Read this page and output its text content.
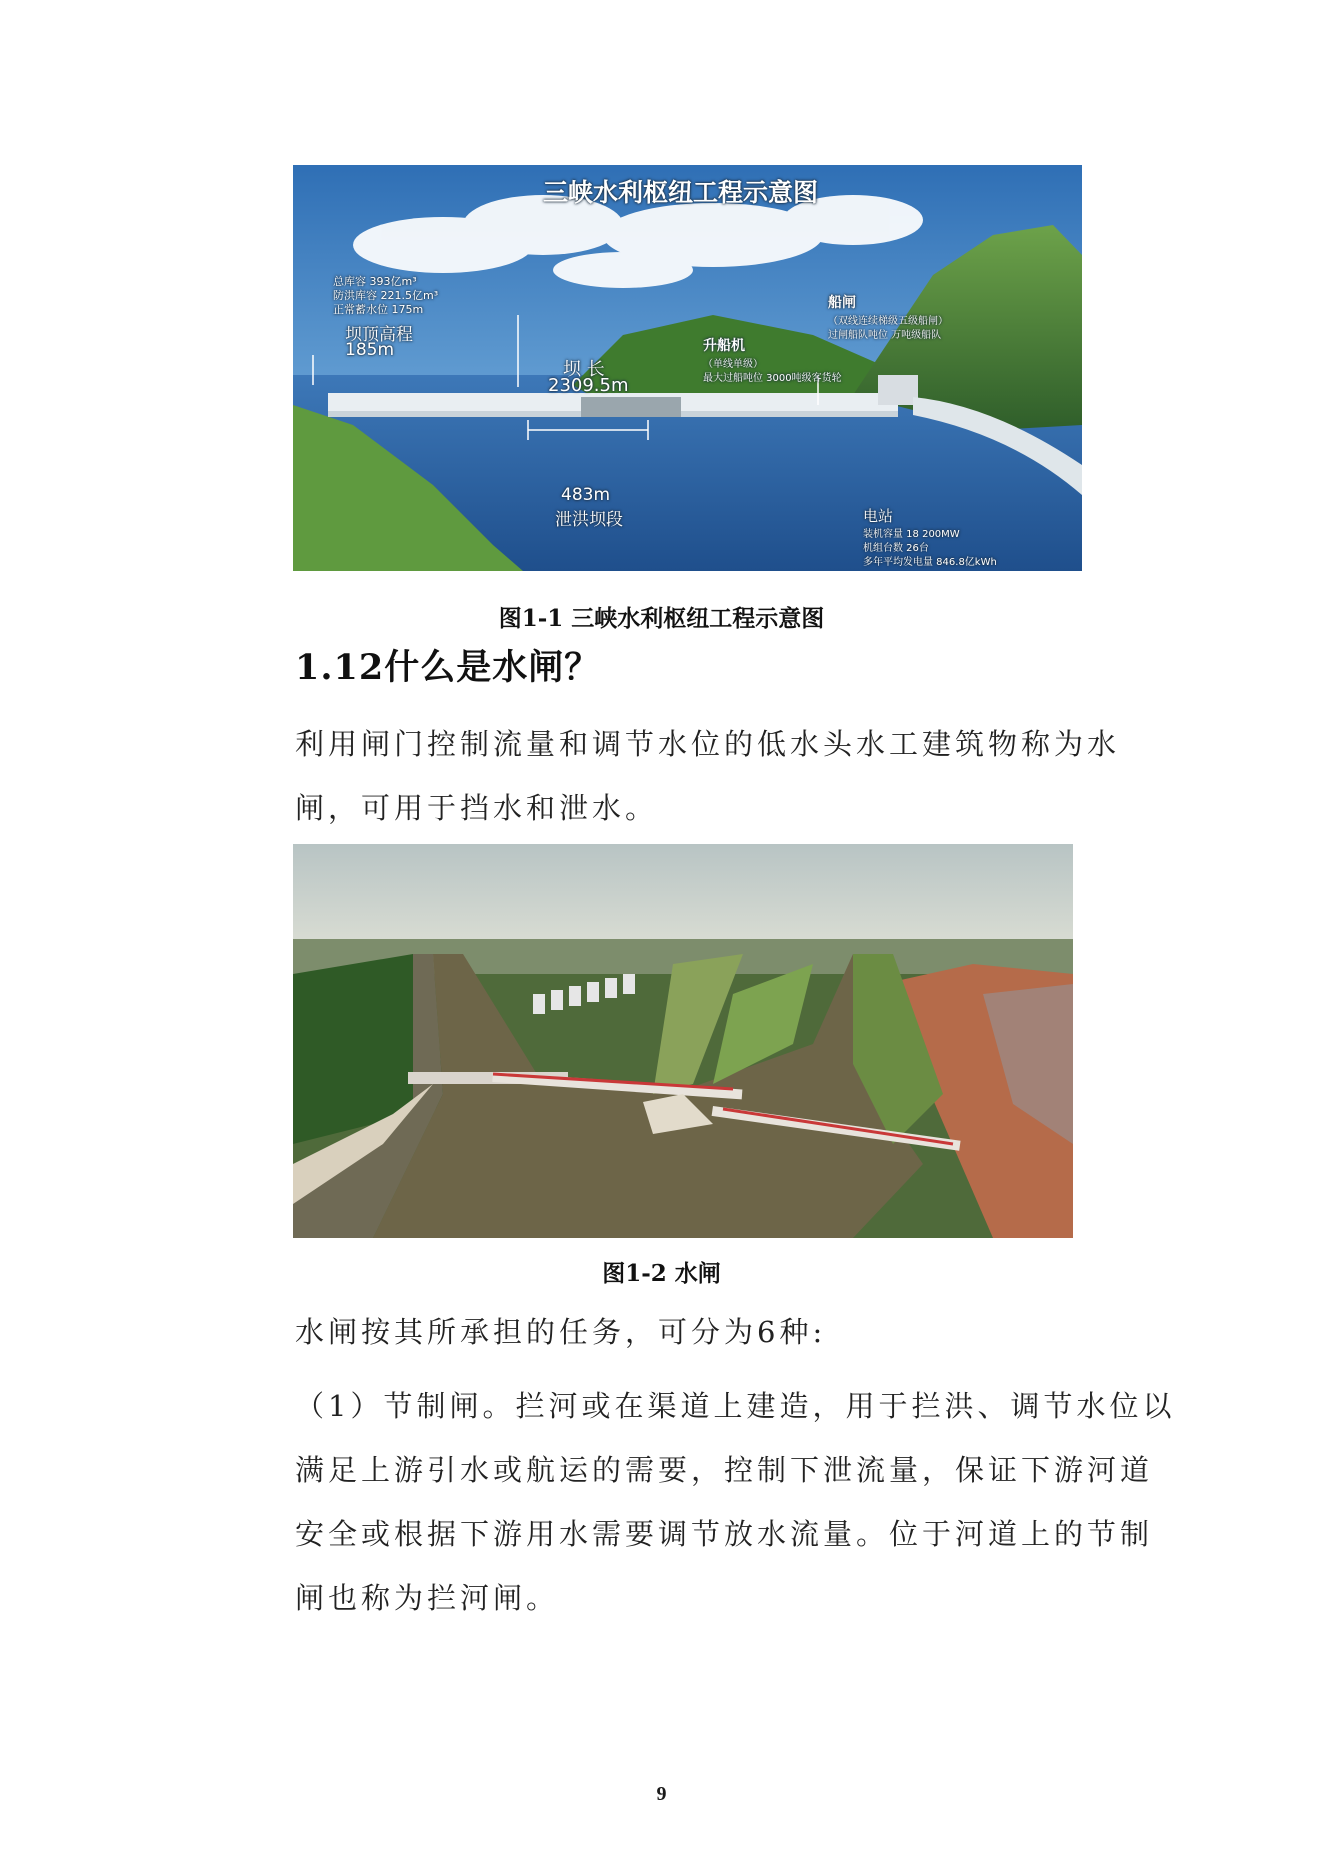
三峡水利枢纽工程示意图
总库容 393亿m³
防洪库容 221.5亿m³
正常蓄水位 175m
坝顶高程
185m
坝 长
2309.5m
483m
泄洪坝段
升船机
（单线单级）
最大过船吨位 3000吨级客货轮
船闸
（双线连续梯级五级船闸）
过闸船队吨位 万吨级船队
电站
装机容量 18 200MW
机组台数 26台
多年平均发电量 846.8亿kWh
图1-1 三峡水利枢纽工程示意图
1.12什么是水闸？
利用闸门控制流量和调节水位的低水头水工建筑物称为水闸，可用于挡水和泄水。
图1-2 水闸
水闸按其所承担的任务，可分为6种:
（1）节制闸。拦河或在渠道上建造，用于拦洪、调节水位以满足上游引水或航运的需要，控制下泄流量，保证下游河道安全或根据下游用水需要调节放水流量。位于河道上的节制闸也称为拦河闸。
9
